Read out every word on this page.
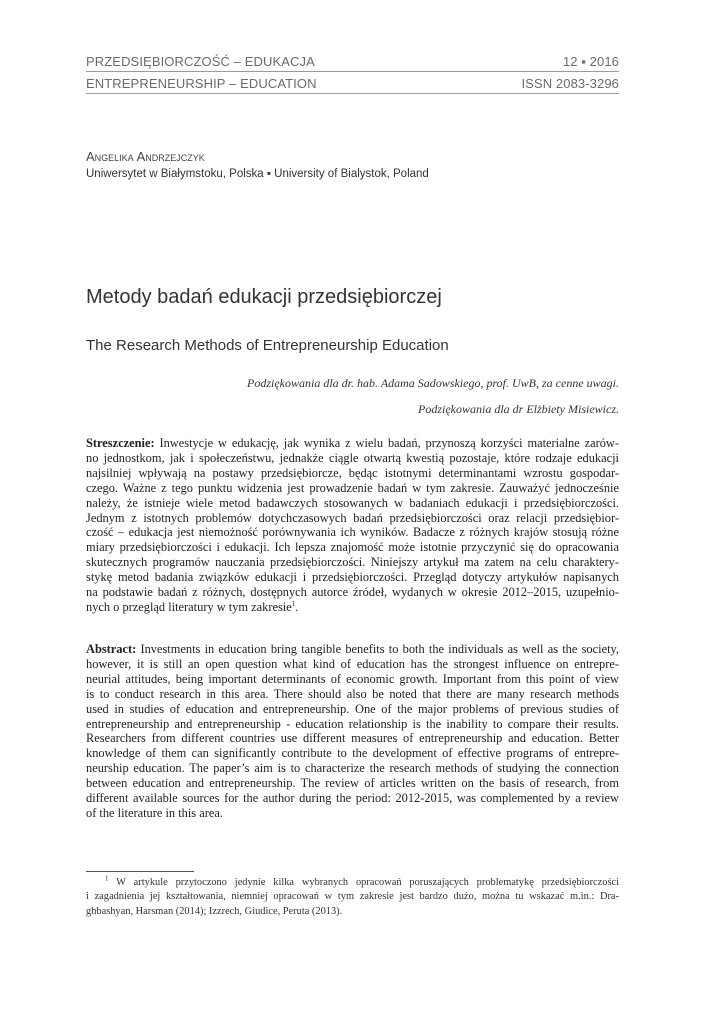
PRZEDSIĘBIORCZOŚĆ – EDUKACJA	12 ▪ 2016
ENTREPRENEURSHIP – EDUCATION	ISSN 2083-3296
Angelika Andrzejczyk
Uniwersytet w Białymstoku, Polska ▪ University of Bialystok, Poland
Metody badań edukacji przedsiębiorczej
The Research Methods of Entrepreneurship Education
Podziękowania dla dr. hab. Adama Sadowskiego, prof. UwB, za cenne uwagi.
Podziękowania dla dr Elżbiety Misiewicz.

Streszczenie: Inwestycje w edukację, jak wynika z wielu badań, przynoszą korzyści materialne zarów-
no jednostkom, jak i społeczeństwu, jednakże ciągle otwartą kwestią pozostaje, które rodzaje edukacji
najsilniej wpływają na postawy przedsiębiorcze, będąc istotnymi determinantami wzrostu gospodar-
czego. Ważne z tego punktu widzenia jest prowadzenie badań w tym zakresie. Zauważyć jednocześnie
należy, że istnieje wiele metod badawczych stosowanych w badaniach edukacji i przedsiębiorczości.
Jednym z istotnych problemów dotychczasowych badań przedsiębiorczości oraz relacji przedsiębior-
czość – edukacja jest niemożność porównywania ich wyników. Badacze z różnych krajów stosują różne
miary przedsiębiorczości i edukacji. Ich lepsza znajomość może istotnie przyczynić się do opracowania
skutecznych programów nauczania przedsiębiorczości. Niniejszy artykuł ma zatem na celu charaktery-
stykę metod badania związków edukacji i przedsiębiorczości. Przegląd dotyczy artykułów napisanych
na podstawie badań z różnych, dostępnych autorce źródeł, wydanych w okresie 2012–2015, uzupełnio-
nych o przegląd literatury w tym zakresie$^1$.

Abstract: Investments in education bring tangible benefits to both the individuals as well as the society,
however, it is still an open question what kind of education has the strongest influence on entrepre-
neurial attitudes, being important determinants of economic growth. Important from this point of view
is to conduct research in this area. There should also be noted that there are many research methods
used in studies of education and entrepreneurship. One of the major problems of previous studies of
entrepreneurship and entrepreneurship - education relationship is the inability to compare their results.
Researchers from different countries use different measures of entrepreneurship and education. Better
knowledge of them can significantly contribute to the development of effective programs of entrepre-
neurship education. The paper’s aim is to characterize the research methods of studying the connection
between education and entrepreneurship. The review of articles written on the basis of research, from
different available sources for the author during the period: 2012-2015, was complemented by a review
of the literature in this area.

$^1$ W artykule przytoczono jedynie kilka wybranych opracowań poruszających problematykę przedsiębiorczości
i zagadnienia jej kształtowania, niemniej opracowań w tym zakresie jest bardzo dużo, można tu wskazać m.in.: Dra-
ghbashyan, Harsman (2014); Izzrech, Giudice, Peruta (2013).
